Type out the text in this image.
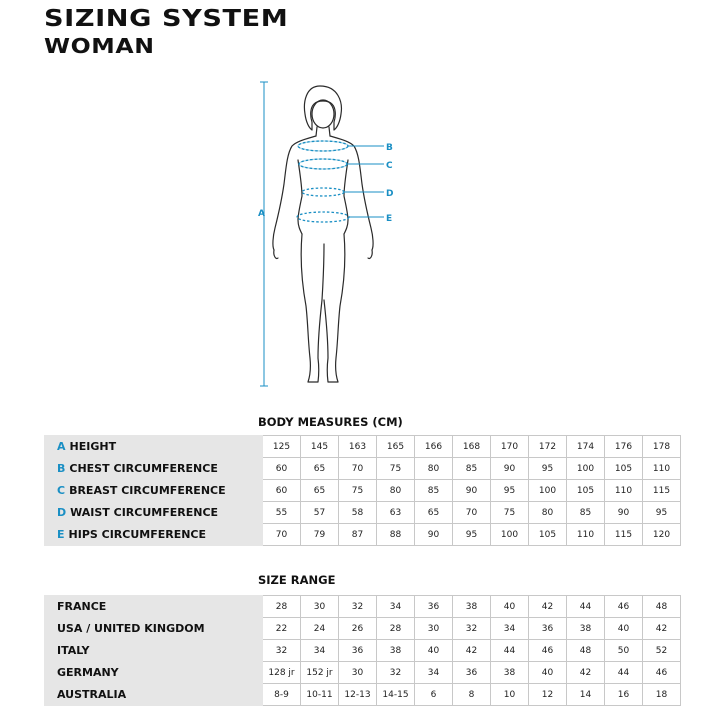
SIZING SYSTEM
WOMAN
A
B
C
D
E
BODY MEASURES (CM)
A HEIGHT	125	145	163	165	166	168	170	172	174	176	178
B CHEST CIRCUMFERENCE	60	65	70	75	80	85	90	95	100	105	110
C BREAST CIRCUMFERENCE	60	65	75	80	85	90	95	100	105	110	115
D WAIST CIRCUMFERENCE	55	57	58	63	65	70	75	80	85	90	95
E HIPS CIRCUMFERENCE	70	79	87	88	90	95	100	105	110	115	120
SIZE RANGE
FRANCE	28	30	32	34	36	38	40	42	44	46	48
USA / UNITED KINGDOM	22	24	26	28	30	32	34	36	38	40	42
ITALY	32	34	36	38	40	42	44	46	48	50	52
GERMANY	128 jr	152 jr	30	32	34	36	38	40	42	44	46
AUSTRALIA	8-9	10-11	12-13	14-15	6	8	10	12	14	16	18
